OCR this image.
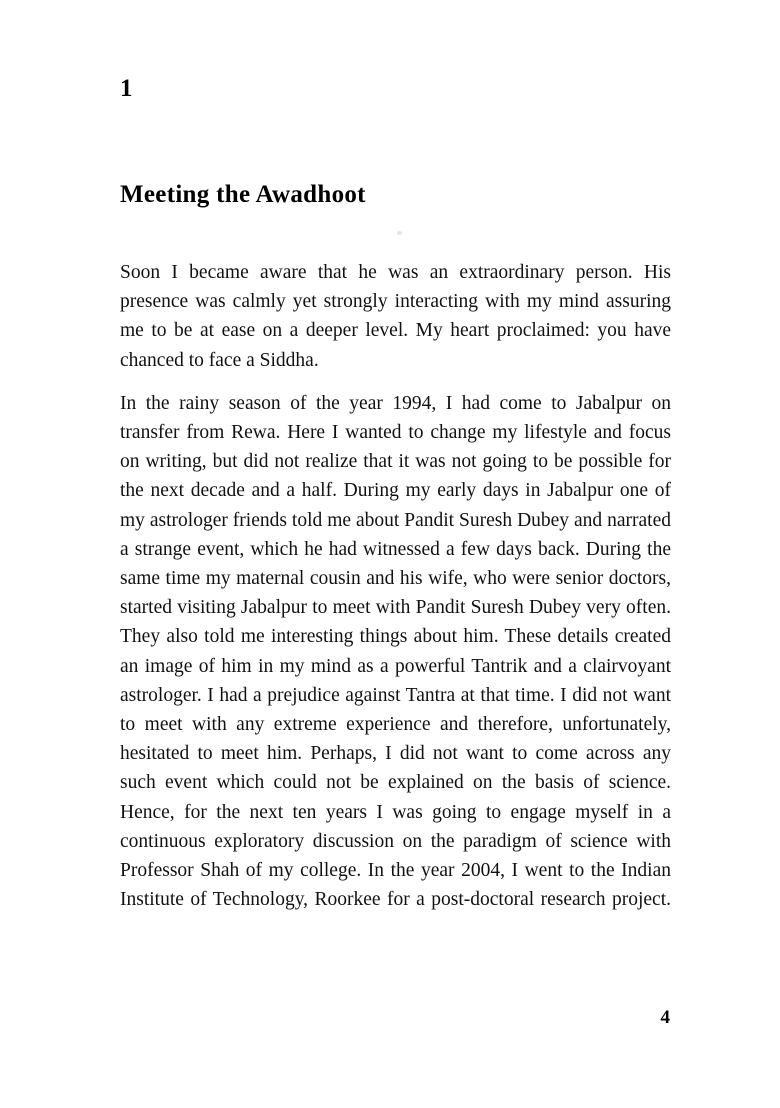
1
Meeting the Awadhoot

Soon I became aware that he was an extraordinary person. His presence was calmly yet strongly interacting with my mind assuring me to be at ease on a deeper level. My heart proclaimed: you have chanced to face a Siddha.

In the rainy season of the year 1994, I had come to Jabalpur on transfer from Rewa. Here I wanted to change my lifestyle and focus on writing, but did not realize that it was not going to be possible for the next decade and a half. During my early days in Jabalpur one of my astrologer friends told me about Pandit Suresh Dubey and narrated a strange event, which he had witnessed a few days back. During the same time my maternal cousin and his wife, who were senior doctors, started visiting Jabalpur to meet with Pandit Suresh Dubey very often. They also told me interesting things about him. These details created an image of him in my mind as a powerful Tantrik and a clairvoyant astrologer. I had a prejudice against Tantra at that time. I did not want to meet with any extreme experience and therefore, unfortunately, hesitated to meet him. Perhaps, I did not want to come across any such event which could not be explained on the basis of science. Hence, for the next ten years I was going to engage myself in a continuous exploratory discussion on the paradigm of science with Professor Shah of my college. In the year 2004, I went to the Indian Institute of Technology, Roorkee for a post-doctoral research project.

4
